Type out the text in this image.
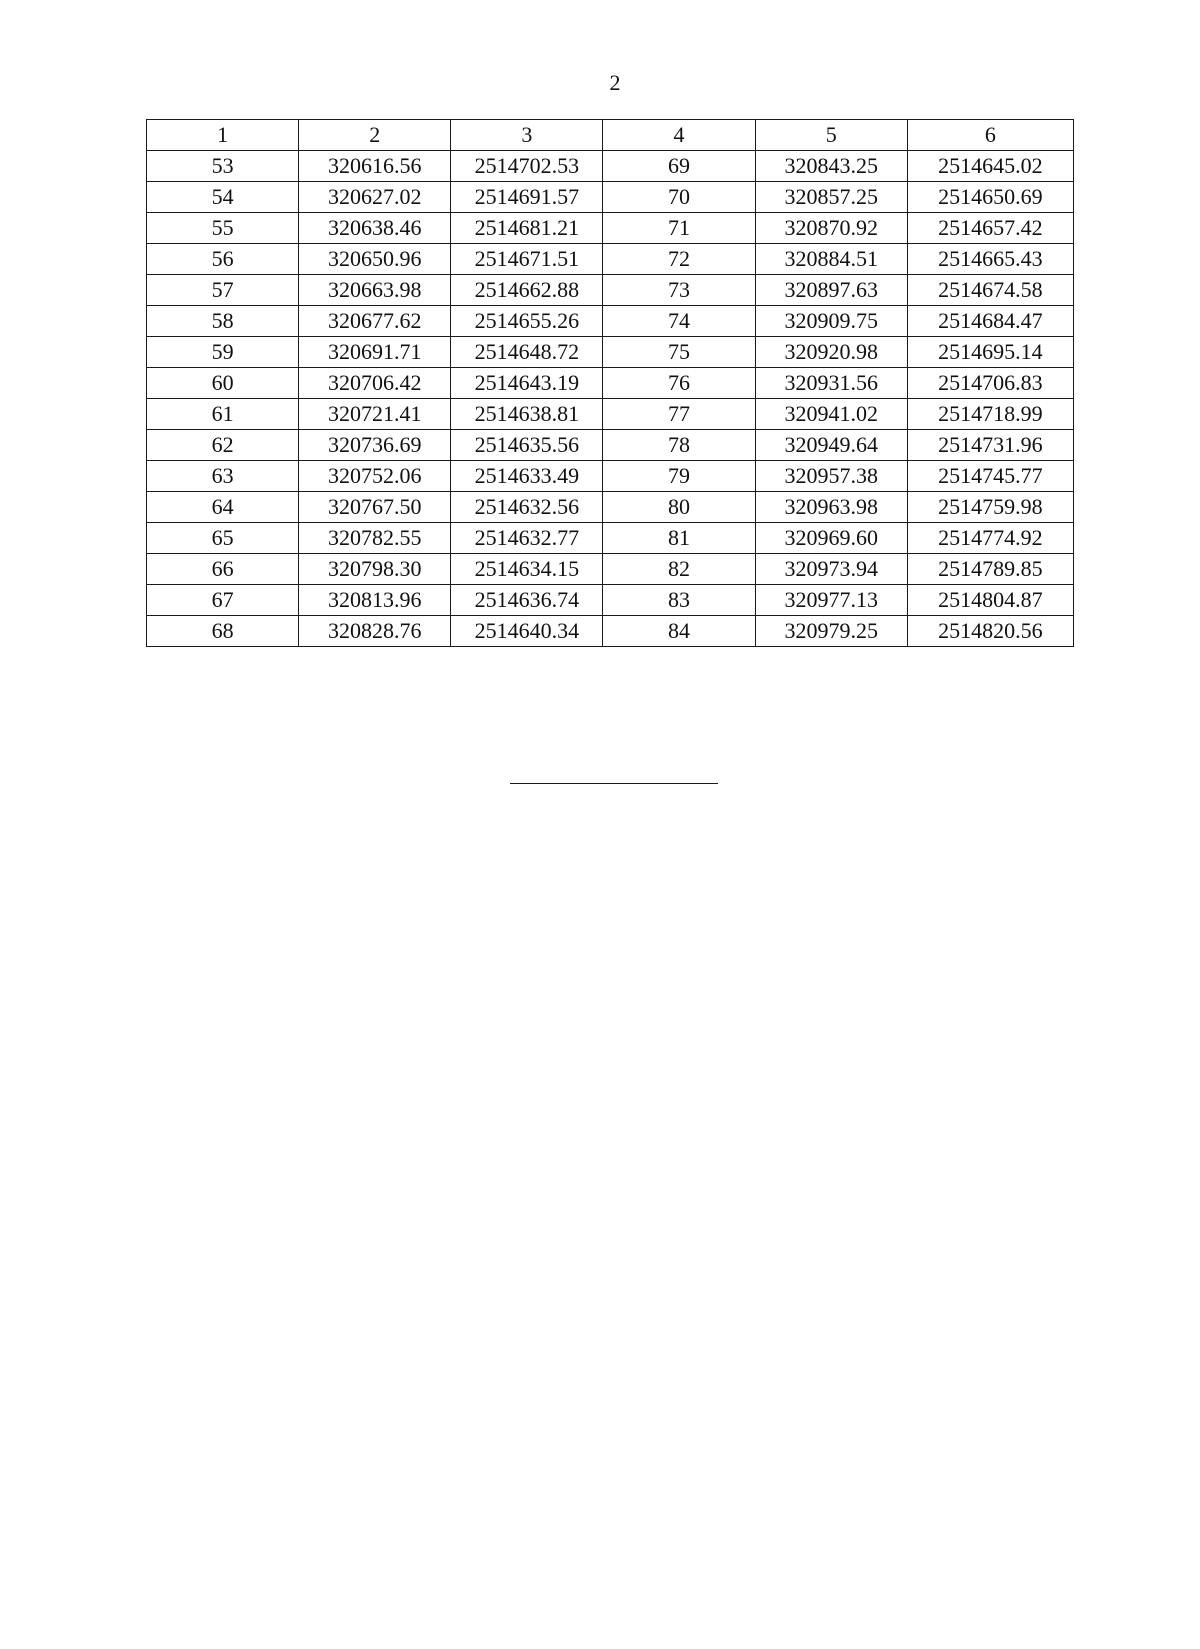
2
1	2	3	4	5	6
53	320616.56	2514702.53	69	320843.25	2514645.02
54	320627.02	2514691.57	70	320857.25	2514650.69
55	320638.46	2514681.21	71	320870.92	2514657.42
56	320650.96	2514671.51	72	320884.51	2514665.43
57	320663.98	2514662.88	73	320897.63	2514674.58
58	320677.62	2514655.26	74	320909.75	2514684.47
59	320691.71	2514648.72	75	320920.98	2514695.14
60	320706.42	2514643.19	76	320931.56	2514706.83
61	320721.41	2514638.81	77	320941.02	2514718.99
62	320736.69	2514635.56	78	320949.64	2514731.96
63	320752.06	2514633.49	79	320957.38	2514745.77
64	320767.50	2514632.56	80	320963.98	2514759.98
65	320782.55	2514632.77	81	320969.60	2514774.92
66	320798.30	2514634.15	82	320973.94	2514789.85
67	320813.96	2514636.74	83	320977.13	2514804.87
68	320828.76	2514640.34	84	320979.25	2514820.56
